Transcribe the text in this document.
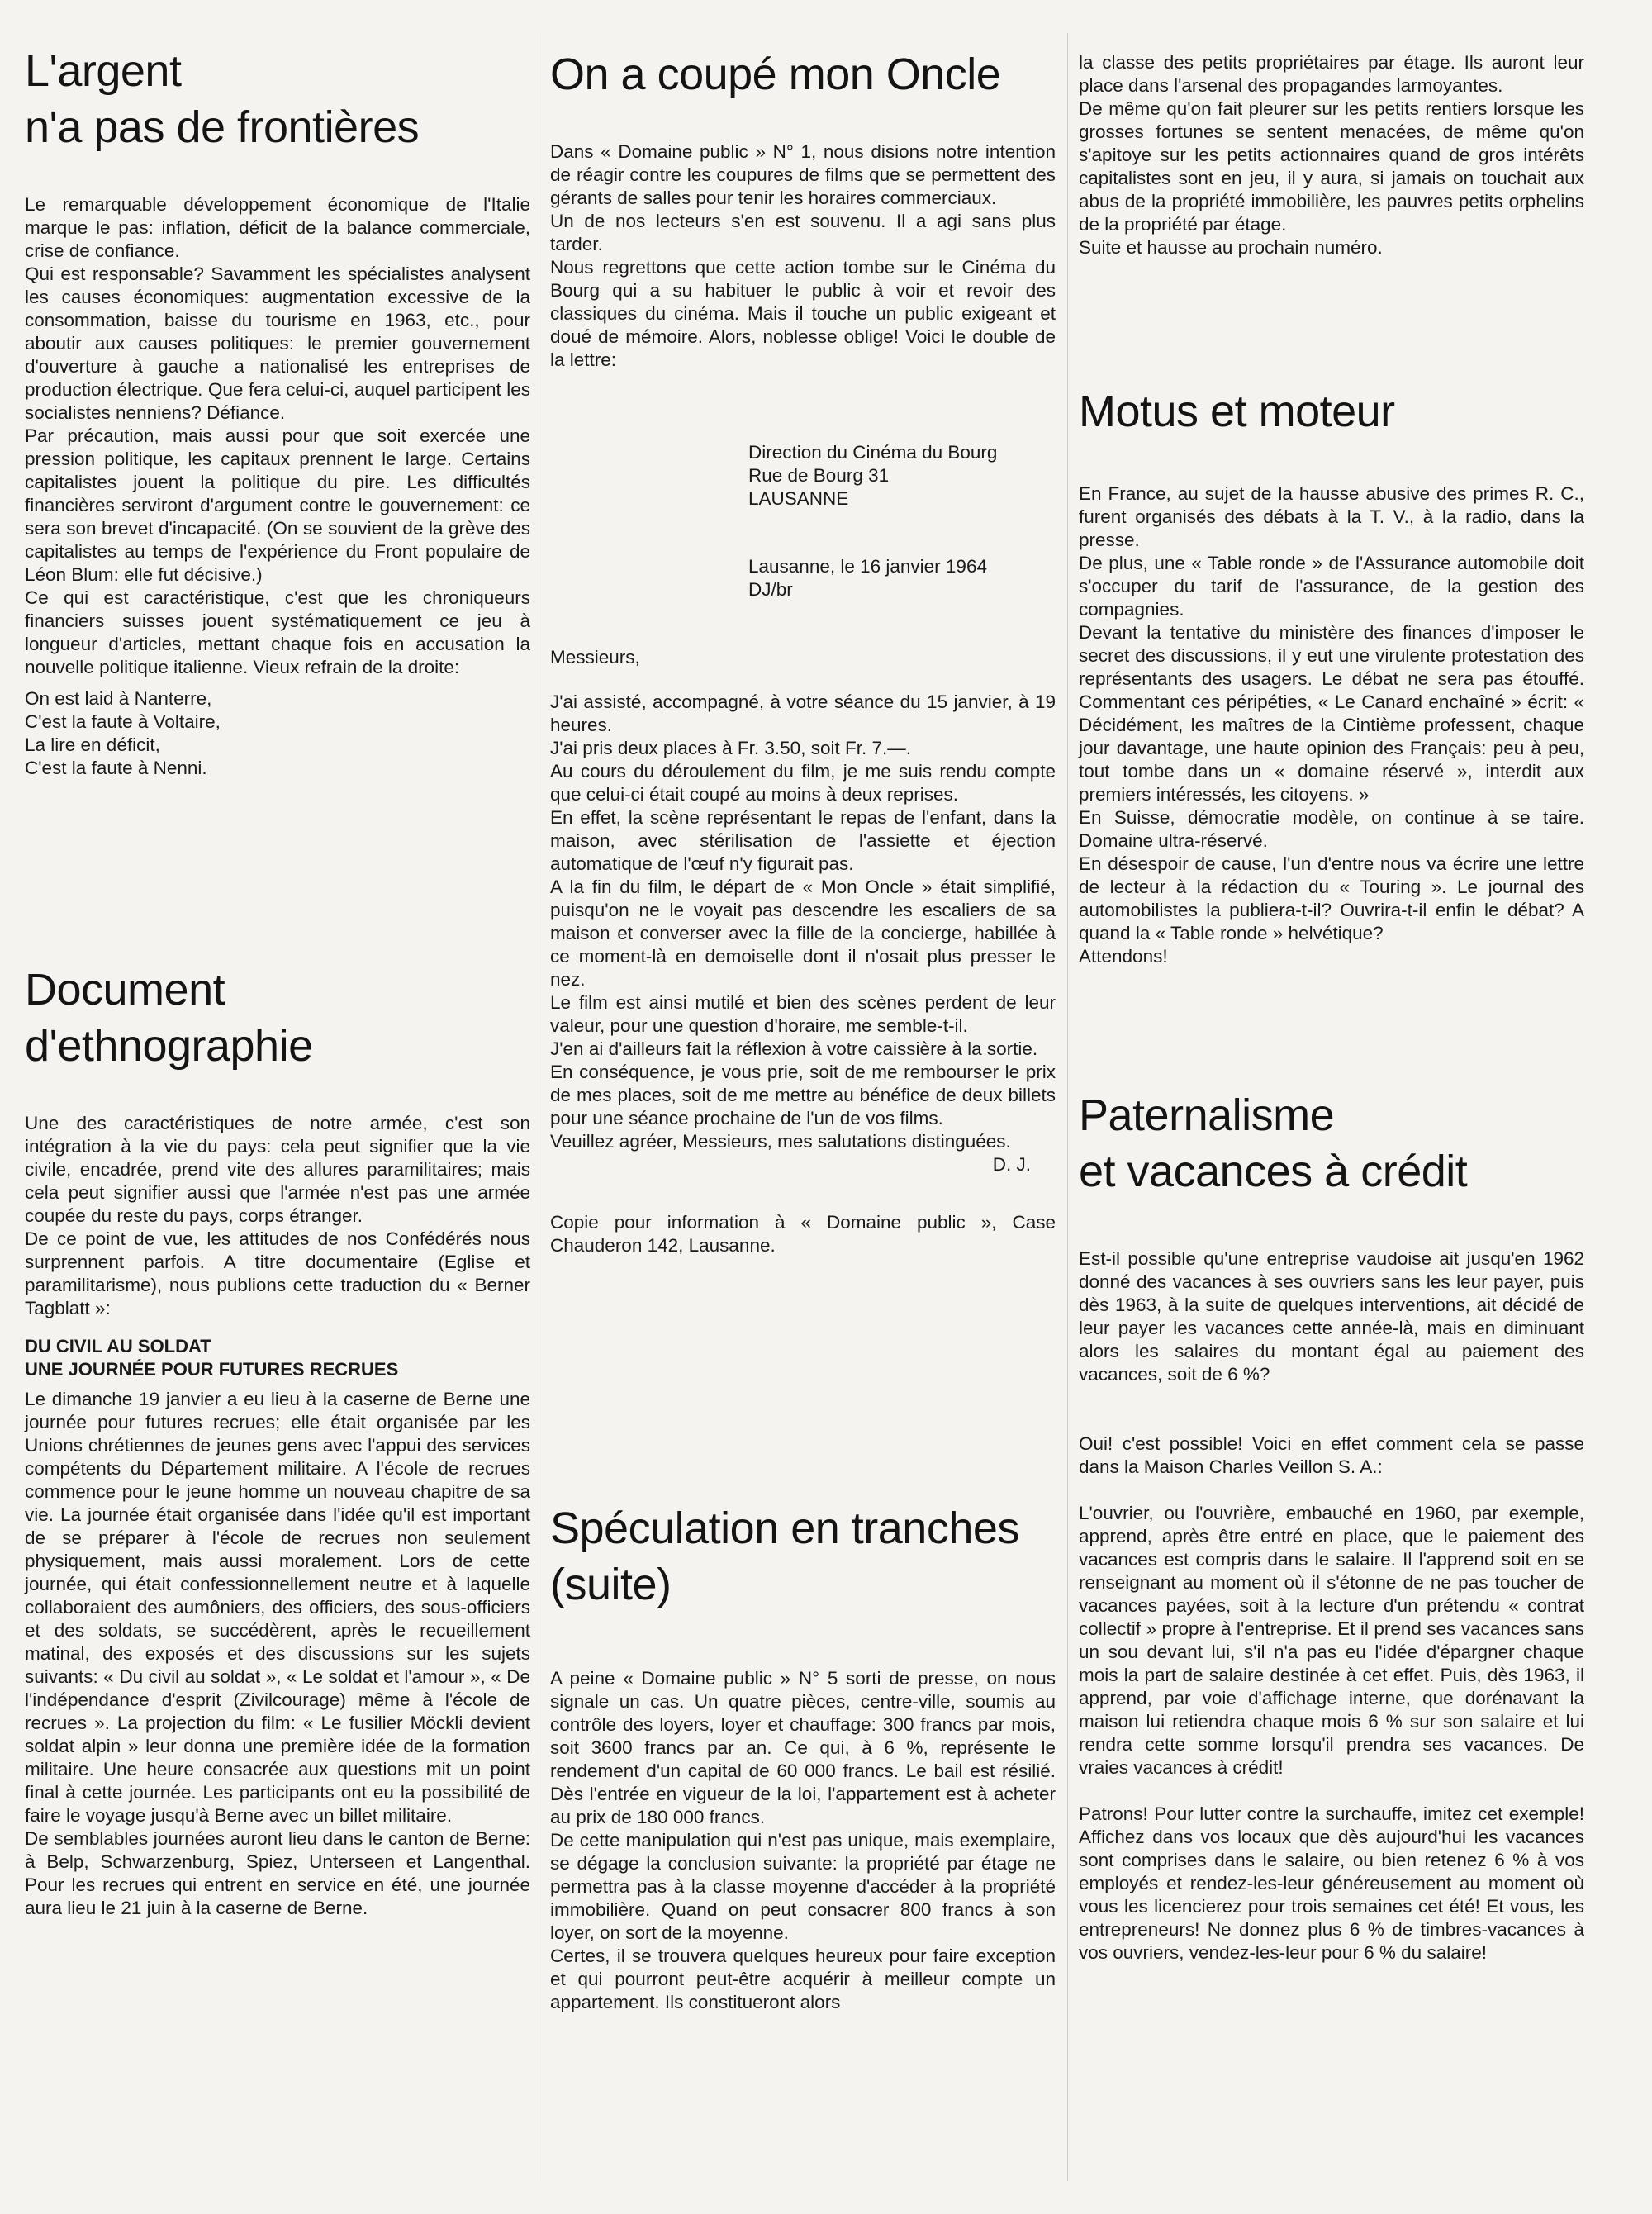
L'argent
n'a pas de frontières

Le remarquable développement économique de l'Italie marque le pas: inflation, déficit de la balance commerciale, crise de confiance.

Qui est responsable? Savamment les spécialistes analysent les causes économiques: augmentation excessive de la consommation, baisse du tourisme en 1963, etc., pour aboutir aux causes politiques: le premier gouvernement d'ouverture à gauche a nationalisé les entreprises de production électrique. Que fera celui-ci, auquel participent les socialistes nenniens? Défiance.

Par précaution, mais aussi pour que soit exercée une pression politique, les capitaux prennent le large. Certains capitalistes jouent la politique du pire. Les difficultés financières serviront d'argument contre le gouvernement: ce sera son brevet d'incapacité. (On se souvient de la grève des capitalistes au temps de l'expérience du Front populaire de Léon Blum: elle fut décisive.)

Ce qui est caractéristique, c'est que les chroniqueurs financiers suisses jouent systématiquement ce jeu à longueur d'articles, mettant chaque fois en accusation la nouvelle politique italienne. Vieux refrain de la droite:

On est laid à Nanterre,

C'est la faute à Voltaire,

La lire en déficit,

C'est la faute à Nenni.

Document
d'ethnographie

Une des caractéristiques de notre armée, c'est son intégration à la vie du pays: cela peut signifier que la vie civile, encadrée, prend vite des allures paramilitaires; mais cela peut signifier aussi que l'armée n'est pas une armée coupée du reste du pays, corps étranger.

De ce point de vue, les attitudes de nos Confédérés nous surprennent parfois. A titre documentaire (Eglise et paramilitarisme), nous publions cette traduction du « Berner Tagblatt »:

DU CIVIL AU SOLDAT

UNE JOURNÉE POUR FUTURES RECRUES

Le dimanche 19 janvier a eu lieu à la caserne de Berne une journée pour futures recrues; elle était organisée par les Unions chrétiennes de jeunes gens avec l'appui des services compétents du Département militaire. A l'école de recrues commence pour le jeune homme un nouveau chapitre de sa vie. La journée était organisée dans l'idée qu'il est important de se préparer à l'école de recrues non seulement physiquement, mais aussi moralement. Lors de cette journée, qui était confessionnellement neutre et à laquelle collaboraient des aumôniers, des officiers, des sous-officiers et des soldats, se succédèrent, après le recueillement matinal, des exposés et des discussions sur les sujets suivants: « Du civil au soldat », « Le soldat et l'amour », « De l'indépendance d'esprit (Zivilcourage) même à l'école de recrues ». La projection du film: « Le fusilier Möckli devient soldat alpin » leur donna une première idée de la formation militaire. Une heure consacrée aux questions mit un point final à cette journée. Les participants ont eu la possibilité de faire le voyage jusqu'à Berne avec un billet militaire.

De semblables journées auront lieu dans le canton de Berne: à Belp, Schwarzenburg, Spiez, Unterseen et Langenthal. Pour les recrues qui entrent en service en été, une journée aura lieu le 21 juin à la caserne de Berne.

On a coupé mon Oncle

Dans « Domaine public » N° 1, nous disions notre intention de réagir contre les coupures de films que se permettent des gérants de salles pour tenir les horaires commerciaux.

Un de nos lecteurs s'en est souvenu. Il a agi sans plus tarder.

Nous regrettons que cette action tombe sur le Cinéma du Bourg qui a su habituer le public à voir et revoir des classiques du cinéma. Mais il touche un public exigeant et doué de mémoire. Alors, noblesse oblige! Voici le double de la lettre:

Direction du Cinéma du Bourg

Rue de Bourg 31

LAUSANNE

Lausanne, le 16 janvier 1964

DJ/br

Messieurs,

J'ai assisté, accompagné, à votre séance du 15 janvier, à 19 heures.

J'ai pris deux places à Fr. 3.50, soit Fr. 7.—.

Au cours du déroulement du film, je me suis rendu compte que celui-ci était coupé au moins à deux reprises.

En effet, la scène représentant le repas de l'enfant, dans la maison, avec stérilisation de l'assiette et éjection automatique de l'œuf n'y figurait pas.

A la fin du film, le départ de « Mon Oncle » était simplifié, puisqu'on ne le voyait pas descendre les escaliers de sa maison et converser avec la fille de la concierge, habillée à ce moment-là en demoiselle dont il n'osait plus presser le nez.

Le film est ainsi mutilé et bien des scènes perdent de leur valeur, pour une question d'horaire, me semble-t-il.

J'en ai d'ailleurs fait la réflexion à votre caissière à la sortie.

En conséquence, je vous prie, soit de me rembourser le prix de mes places, soit de me mettre au bénéfice de deux billets pour une séance prochaine de l'un de vos films.

Veuillez agréer, Messieurs, mes salutations distinguées.

D. J.

Copie pour information à « Domaine public », Case Chauderon 142, Lausanne.

Spéculation en tranches
(suite)

A peine « Domaine public » N° 5 sorti de presse, on nous signale un cas. Un quatre pièces, centre-ville, soumis au contrôle des loyers, loyer et chauffage: 300 francs par mois, soit 3600 francs par an. Ce qui, à 6 %, représente le rendement d'un capital de 60 000 francs. Le bail est résilié. Dès l'entrée en vigueur de la loi, l'appartement est à acheter au prix de 180 000 francs.

De cette manipulation qui n'est pas unique, mais exemplaire, se dégage la conclusion suivante: la propriété par étage ne permettra pas à la classe moyenne d'accéder à la propriété immobilière. Quand on peut consacrer 800 francs à son loyer, on sort de la moyenne.

Certes, il se trouvera quelques heureux pour faire exception et qui pourront peut-être acquérir à meilleur compte un appartement. Ils constitueront alors

la classe des petits propriétaires par étage. Ils auront leur place dans l'arsenal des propagandes larmoyantes.

De même qu'on fait pleurer sur les petits rentiers lorsque les grosses fortunes se sentent menacées, de même qu'on s'apitoye sur les petits actionnaires quand de gros intérêts capitalistes sont en jeu, il y aura, si jamais on touchait aux abus de la propriété immobilière, les pauvres petits orphelins de la propriété par étage.

Suite et hausse au prochain numéro.

Motus et moteur

En France, au sujet de la hausse abusive des primes R. C., furent organisés des débats à la T. V., à la radio, dans la presse.

De plus, une « Table ronde » de l'Assurance automobile doit s'occuper du tarif de l'assurance, de la gestion des compagnies.

Devant la tentative du ministère des finances d'imposer le secret des discussions, il y eut une virulente protestation des représentants des usagers. Le débat ne sera pas étouffé. Commentant ces péripéties, « Le Canard enchaîné » écrit: « Décidément, les maîtres de la Cintième professent, chaque jour davantage, une haute opinion des Français: peu à peu, tout tombe dans un « domaine réservé », interdit aux premiers intéressés, les citoyens. »

En Suisse, démocratie modèle, on continue à se taire. Domaine ultra-réservé.

En désespoir de cause, l'un d'entre nous va écrire une lettre de lecteur à la rédaction du « Touring ». Le journal des automobilistes la publiera-t-il? Ouvrira-t-il enfin le débat? A quand la « Table ronde » helvétique?

Attendons!

Paternalisme
et vacances à crédit

Est-il possible qu'une entreprise vaudoise ait jusqu'en 1962 donné des vacances à ses ouvriers sans les leur payer, puis dès 1963, à la suite de quelques interventions, ait décidé de leur payer les vacances cette année-là, mais en diminuant alors les salaires du montant égal au paiement des vacances, soit de 6 %?

Oui! c'est possible! Voici en effet comment cela se passe dans la Maison Charles Veillon S. A.:

L'ouvrier, ou l'ouvrière, embauché en 1960, par exemple, apprend, après être entré en place, que le paiement des vacances est compris dans le salaire. Il l'apprend soit en se renseignant au moment où il s'étonne de ne pas toucher de vacances payées, soit à la lecture d'un prétendu « contrat collectif » propre à l'entreprise. Et il prend ses vacances sans un sou devant lui, s'il n'a pas eu l'idée d'épargner chaque mois la part de salaire destinée à cet effet. Puis, dès 1963, il apprend, par voie d'affichage interne, que dorénavant la maison lui retiendra chaque mois 6 % sur son salaire et lui rendra cette somme lorsqu'il prendra ses vacances. De vraies vacances à crédit!

Patrons! Pour lutter contre la surchauffe, imitez cet exemple! Affichez dans vos locaux que dès aujourd'hui les vacances sont comprises dans le salaire, ou bien retenez 6 % à vos employés et rendez-les-leur généreusement au moment où vous les licencierez pour trois semaines cet été! Et vous, les entrepreneurs! Ne donnez plus 6 % de timbres-vacances à vos ouvriers, vendez-les-leur pour 6 % du salaire!
